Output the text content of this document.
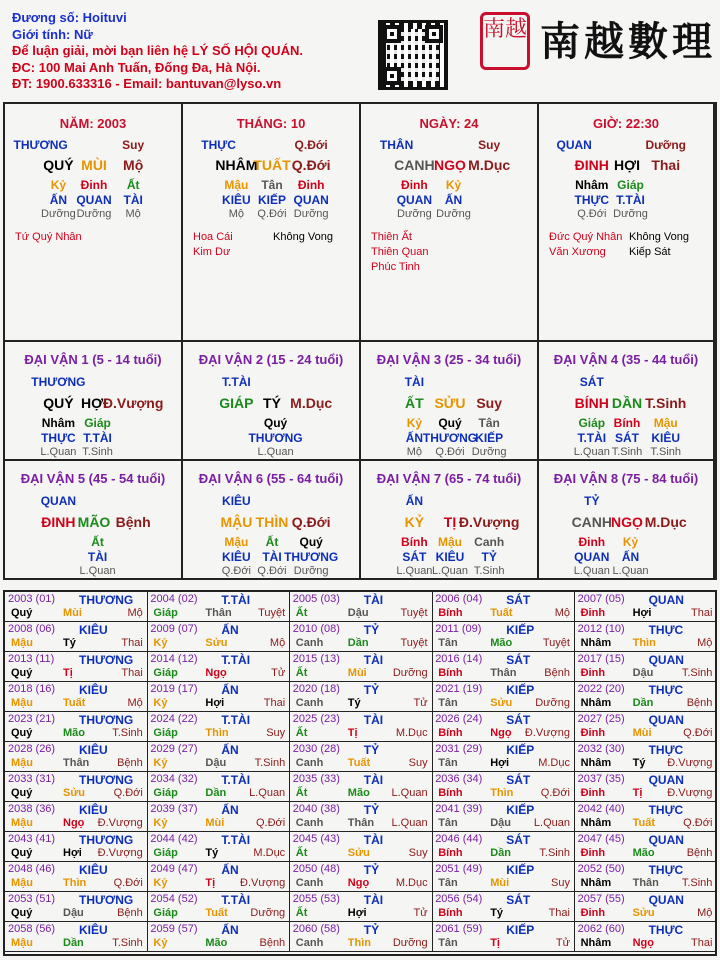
Đương số: Hoituvi
Giới tính: Nữ
Để luận giải, mời bạn liên hệ LÝ SỐ HỘI QUÁN.
ĐC: 100 Mai Anh Tuấn, Đống Đa, Hà Nội.
ĐT: 1900.633316 - Email: bantuvan@lyso.vn
南越 南越數理
NĂM: 2003
THƯƠNG	Suy
QUÝ MÙI Mộ
Kỷ Đinh Ất
ẤN QUAN TÀI
Dưỡng Dưỡng Mộ
Tứ Quý Nhân
THÁNG: 10
THỰC	Q.Đới
NHÂM
TUẤT Q.Đới
Mậu Tân Đinh
KIÊU KIẾP QUAN
Mộ Q.Đới Dưỡng
Hoa Cái	Không Vong
Kim Dư
NGÀY: 24
THÂN	Suy
CANH NGỌ M.Dục
Đinh Kỷ
QUAN ẤN
Dưỡng Dưỡng
Thiên Ất
Thiên Quan
Phúc Tinh
GIỜ: 22:30
QUAN	Dưỡng
ĐINH HỢI Thai
Nhâm Giáp
THỰC T.TÀI
Q.Đới Dưỡng
Đức Quý Nhân Không Vong
Văn Xương Kiếp Sát
ĐẠI VẬN 1 (5 - 14 tuổi)
THƯƠNG
QUÝ HỢI
Đ.Vượng
Nhâm Giáp
THỰC T.TÀI
L.Quan T.Sinh
ĐẠI VẬN 2 (15 - 24 tuổi)
T.TÀI
GIÁP TÝ M.Dục
Quý
THƯƠNG
L.Quan
ĐẠI VẬN 3 (25 - 34 tuổi)
TÀI
ẤT SỬU Suy
Kỷ Quý Tân
ẤN THƯƠNG
KIẾP
Mộ Q.Đới Dưỡng
ĐẠI VẬN 4 (35 - 44 tuổi)
SÁT
BÍNH DẦN T.Sinh
Giáp Bính Mậu
T.TÀI SÁT KIÊU
L.Quan T.Sinh T.Sinh
ĐẠI VẬN 5 (45 - 54 tuổi)
QUAN
ĐINH MÃO Bệnh
Ất
TÀI
L.Quan
ĐẠI VẬN 6 (55 - 64 tuổi)
KIÊU
MẬU THÌN Q.Đới
Mậu Ất Quý
KIÊU TÀI THƯƠNG
Q.Đới Q.Đới Dưỡng
ĐẠI VẬN 7 (65 - 74 tuổi)
ẤN
KỶ TỊ Đ.Vượng
Bính Mậu Canh
SÁT KIÊU TỶ
L.Quan L.Quan T.Sinh
ĐẠI VẬN 8 (75 - 84 tuổi)
TỶ
CANH NGỌ M.Dục
Đinh Kỷ
QUAN ẤN
L.Quan L.Quan
2003 (01) THƯƠNG
Quý	Mùi	Mộ
2004 (02) T.TÀI
Giáp	Thân Tuyệt
2005 (03) TÀI
Ất	Dậu	Tuyệt
2006 (04) SÁT
Bính	Tuất	Mộ
2007 (05) QUAN
Đinh	Hợi	Thai
2008 (06) KIÊU
Mậu	Tý	Thai
2009 (07) ẤN
Kỷ	Sửu	Mộ
2010 (08) TỶ
Canh Dần	Tuyệt
2011 (09) KIẾP
Tân	Mão	Tuyệt
2012 (10) THỰC
Nhâm Thìn	Mộ
2013 (11) THƯƠNG
Quý	Tị	Thai
2014 (12) T.TÀI
Giáp	Ngọ	Tử
2015 (13) TÀI
Ất	Mùi Dưỡng
2016 (14) SÁT
Bính	Thân	Bệnh
2017 (15) QUAN
Đinh	Dậu	T.Sinh
2018 (16) KIÊU
Mậu	Tuất	Mộ
2019 (17) ẤN
Kỷ	Hợi	Thai
2020 (18) TỶ
Canh Tý	Tử
2021 (19) KIẾP
Tân	Sửu Dưỡng
2022 (20) THỰC
Nhâm Dần	Bệnh
2023 (21) THƯƠNG
Quý	Mão T.Sinh
2024 (22) T.TÀI
Giáp	Thìn	Suy
2025 (23) TÀI
Ất	Tị	M.Dục
2026 (24) SÁT
Bính	Ngọ Đ.Vượng
2027 (25) QUAN
Đinh	Mùi	Q.Đới
2028 (26) KIÊU
Mậu	Thân	Bệnh
2029 (27) ẤN
Kỷ	Dậu	T.Sinh
2030 (28) TỶ
Canh Tuất	Suy
2031 (29) KIẾP
Tân	Hợi	M.Dục
2032 (30) THỰC
Nhâm Tý Đ.Vượng
2033 (31) THƯƠNG
Quý	Sửu	Q.Đới
2034 (32) T.TÀI
Giáp	Dần L.Quan
2035 (33) TÀI
Ất	Mão L.Quan
2036 (34) SÁT
Bính	Thìn Q.Đới
2037 (35) QUAN
Đinh	Tị Đ.Vượng
2038 (36) KIÊU
Mậu	Ngọ Đ.Vượng
2039 (37) ẤN
Kỷ	Mùi	Q.Đới
2040 (38) TỶ
Canh Thân L.Quan
2041 (39) KIẾP
Tân	Dậu L.Quan
2042 (40) THỰC
Nhâm Tuất	Q.Đới
2043 (41) THƯƠNG
Quý	Hợi Đ.Vượng
2044 (42) T.TÀI
Giáp	Tý	M.Dục
2045 (43) TÀI
Ất	Sửu	Suy
2046 (44) SÁT
Bính	Dần	T.Sinh
2047 (45) QUAN
Đinh	Mão	Bệnh
2048 (46) KIÊU
Mậu	Thìn Q.Đới
2049 (47) ẤN
Kỷ	Tị Đ.Vượng
2050 (48) TỶ
Canh Ngọ M.Dục
2051 (49) KIẾP
Tân	Mùi	Suy
2052 (50) THỰC
Nhâm Thân T.Sinh
2053 (51) THƯƠNG
Quý	Dậu	Bệnh
2054 (52) T.TÀI
Giáp	Tuất Dưỡng
2055 (53) TÀI
Ất	Hợi	Tử
2056 (54) SÁT
Bính	Tý	Thai
2057 (55) QUAN
Đinh	Sửu	Mộ
2058 (56) KIÊU
Mậu	Dần	T.Sinh
2059 (57) ẤN
Kỷ	Mão	Bệnh
2060 (58) TỶ
Canh Thìn Dưỡng
2061 (59) KIẾP
Tân	Tị	Tử
2062 (60) THỰC
Nhâm Ngọ	Thai
